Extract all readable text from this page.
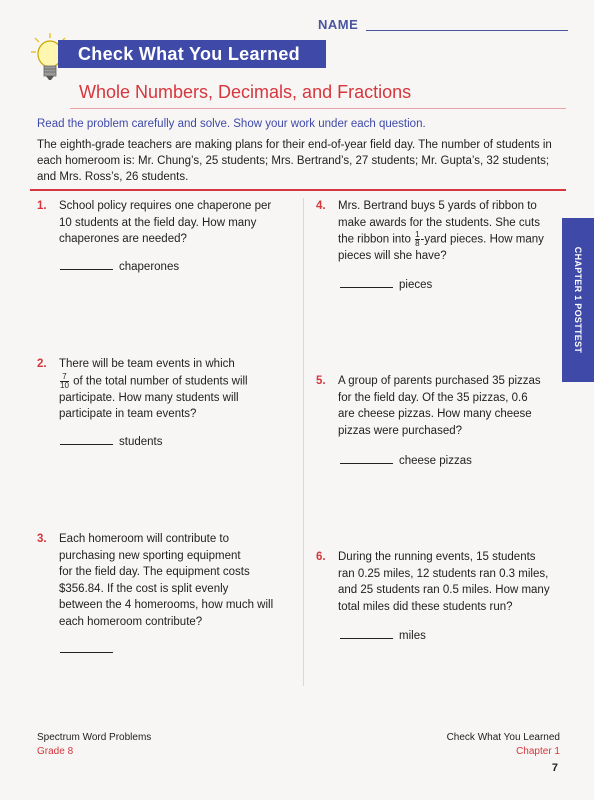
NAME
Check What You Learned
Whole Numbers, Decimals, and Fractions
Read the problem carefully and solve. Show your work under each question.
The eighth-grade teachers are making plans for their end-of-year field day. The number of students in each homeroom is: Mr. Chung’s, 25 students; Mrs. Bertrand’s, 27 students; Mr. Gupta’s, 32 students; and Mrs. Ross’s, 26 students.
1.	School policy requires one chaperone per
10 students at the field day. How many
chaperones are needed?
chaperones
2.	There will be team events in which
$\frac{7}{10}$ of the total number of students will
participate. How many students will
participate in team events?
students
3.	Each homeroom will contribute to
purchasing new sporting equipment
for the field day. The equipment costs
$356.84. If the cost is split evenly
between the 4 homerooms, how much will
each homeroom contribute?
4.	Mrs. Bertrand buys 5 yards of ribbon to
make awards for the students. She cuts
the ribbon into $\frac{1}{8}$ -yard pieces. How many
pieces will she have?
pieces
5.	A group of parents purchased 35 pizzas
for the field day. Of the 35 pizzas, 0.6
are cheese pizzas. How many cheese
pizzas were purchased?
cheese pizzas
6.	During the running events, 15 students
ran 0.25 miles, 12 students ran 0.3 miles,
and 25 students ran 0.5 miles. How many
total miles did these students run?
miles
CHAPTER 1 POSTTEST
Spectrum Word Problems
Grade 8
Check What You Learned
Chapter 1
7
